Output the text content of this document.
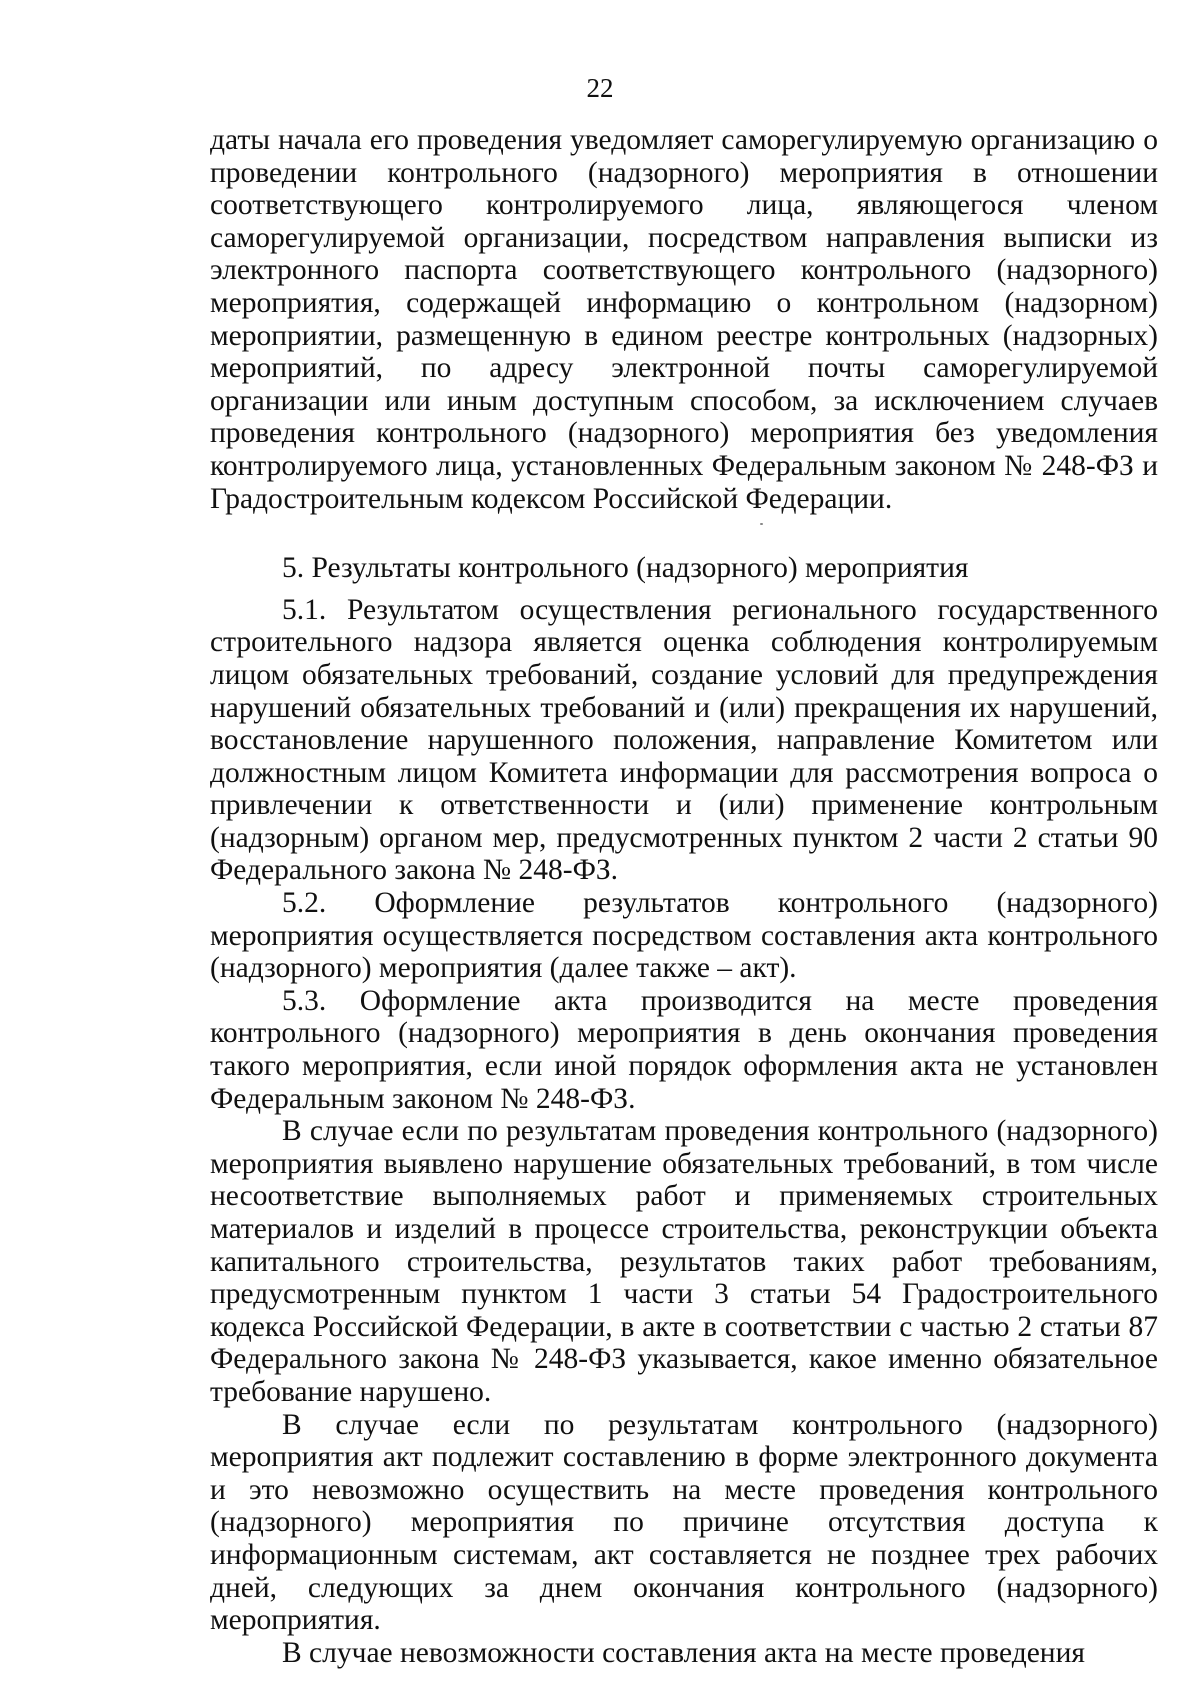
22

даты начала его проведения уведомляет саморегулируемую организацию о проведении контрольного (надзорного) мероприятия в отношении соответствующего контролируемого лица, являющегося членом саморегулируемой организации, посредством направления выписки из электронного паспорта соответствующего контрольного (надзорного) мероприятия, содержащей информацию о контрольном (надзорном) мероприятии, размещенную в едином реестре контрольных (надзорных) мероприятий, по адресу электронной почты саморегулируемой организации или иным доступным способом, за исключением случаев проведения контрольного (надзорного) мероприятия без уведомления контролируемого лица, установленных Федеральным законом № 248-ФЗ и Градостроительным кодексом Российской Федерации.

5. Результаты контрольного (надзорного) мероприятия

5.1. Результатом осуществления регионального государственного строительного надзора является оценка соблюдения контролируемым лицом обязательных требований, создание условий для предупреждения нарушений обязательных требований и (или) прекращения их нарушений, восстановление нарушенного положения, направление Комитетом или должностным лицом Комитета информации для рассмотрения вопроса о привлечении к ответственности и (или) применение контрольным (надзорным) органом мер, предусмотренных пунктом 2 части 2 статьи 90 Федерального закона № 248-ФЗ.

5.2. Оформление результатов контрольного (надзорного) мероприятия осуществляется посредством составления акта контрольного (надзорного) мероприятия (далее также – акт).

5.3. Оформление акта производится на месте проведения контрольного (надзорного) мероприятия в день окончания проведения такого мероприятия, если иной порядок оформления акта не установлен Федеральным законом № 248-ФЗ.

В случае если по результатам проведения контрольного (надзорного) мероприятия выявлено нарушение обязательных требований, в том числе несоответствие выполняемых работ и применяемых строительных материалов и изделий в процессе строительства, реконструкции объекта капитального строительства, результатов таких работ требованиям, предусмотренным пунктом 1 части 3 статьи 54 Градостроительного кодекса Российской Федерации, в акте в соответствии с частью 2 статьи 87 Федерального закона № 248-ФЗ указывается, какое именно обязательное требование нарушено.

В случае если по результатам контрольного (надзорного) мероприятия акт подлежит составлению в форме электронного документа и это невозможно осуществить на месте проведения контрольного (надзорного) мероприятия по причине отсутствия доступа к информационным системам, акт составляется не позднее трех рабочих дней, следующих за днем окончания контрольного (надзорного) мероприятия.

В случае невозможности составления акта на месте проведения
